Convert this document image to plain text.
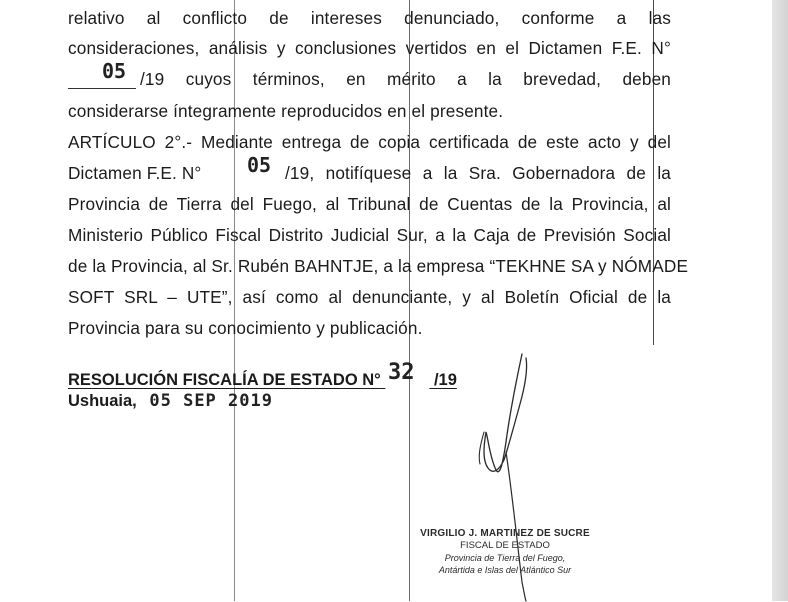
relativo al conflicto de intereses denunciado, conforme a las

consideraciones, análisis y conclusiones vertidos en el Dictamen F.E. N°

/19 cuyos términos, en mérito a la brevedad, deben

05

considerarse íntegramente reproducidos en el presente.

ARTÍCULO 2°.- Mediante entrega de copia certificada de este acto y del

Dictamen F.E. N°	05 /19, notifíquese a la Sra. Gobernadora de la

Provincia de Tierra del Fuego, al Tribunal de Cuentas de la Provincia, al

Ministerio Público Fiscal Distrito Judicial Sur, a la Caja de Previsión Social

de la Provincia, al Sr. Rubén BAHNTJE, a la empresa “TEKHNE SA y NÓMADE

SOFT SRL – UTE”, así como al denunciante, y al Boletín Oficial de la

Provincia para su conocimiento y publicación.

RESOLUCIÓN FISCALÍA DE ESTADO N°	/19

32

Ushuaia, 05 SEP 2019

VIRGILIO J. MARTINEZ DE SUCRE
FISCAL DE ESTADO
Provincia de Tierra del Fuego,
Antártida e Islas del Atlántico Sur
